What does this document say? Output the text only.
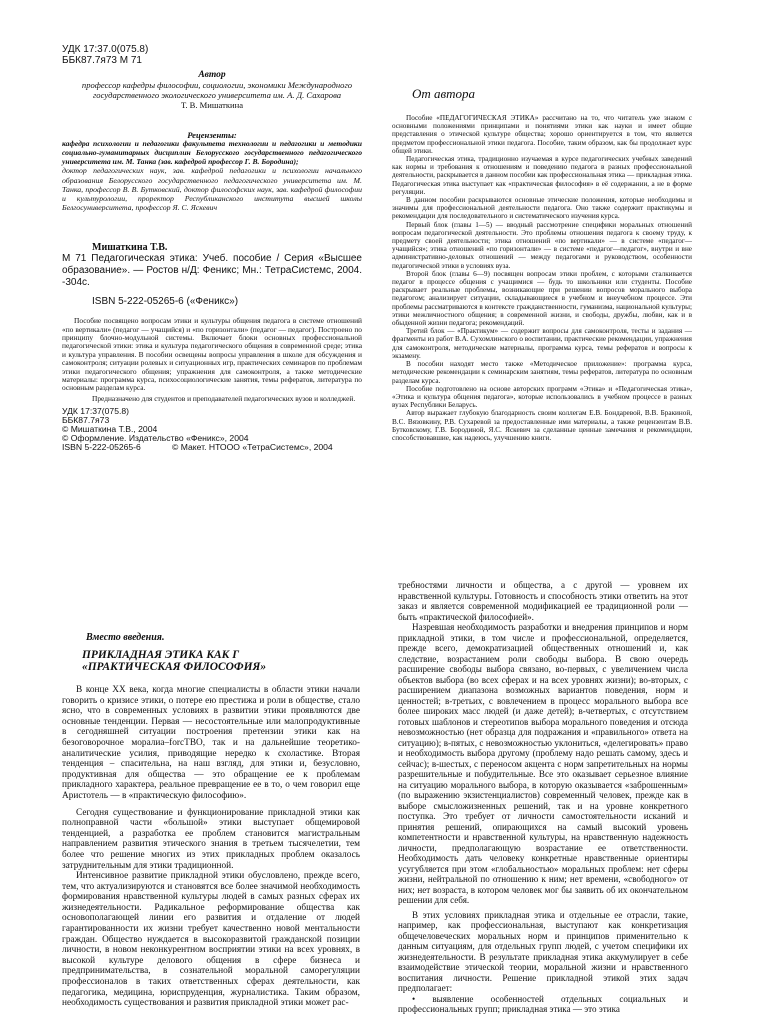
УДК 17:37.0(075.8)
ББК87.7я73 М 71
Автор
профессор кафедры философии, социологии, экономики Международного государственного экологического университета им. А. Д. Сахарова
Т. В. Мишаткина
Рецензенты:
кафедра психологии и педагогики факультета технологии и педагогики и методики социально-гуманитарных дисциплин Белорусского государственного педагогического университета им. М. Танка (зав. кафедрой профессор Г. В. Бородина);
доктор педагогических наук, зав. кафедрой педагогики и психологии начального образования Белорусского государственного педагогического университета им. М. Танка, профессор В. В. Бутковский, доктор философских наук, зав. кафедрой философии и культурологии, проректор Республиканского института высшей школы Белгосуниверситета, профессор Я. С. Яскевич
Мишаткина Т.В.
М 71 Педагогическая этика: Учеб. пособие / Серия «Высшее образование». — Ростов н/Д: Феникс; Мн.: ТетраСистемс, 2004. -304с.
ISBN 5-222-05265-6 («Феникс»)
Пособие посвящено вопросам этики и культуры общения педагога в системе отношений «по вертикали» (педагог — учащийся) и «по горизонтали» (педагог — педагог). Построено по принципу блочно-модульной системы. Включает блоки основных профессиональной педагогической этики: этика и культура педагогического общения в современной среде; этика и культура управления. В пособии освещены вопросы управления в школе для обсуждения и самоконтроля; ситуации ролевых и ситуационных игр, практических семинаров по проблемам этики педагогического общения; упражнения для самоконтроля, а также методические материалы: программа курса, психосоциологические занятия, темы рефератов, литература по основным разделам курса.
Предназначено для студентов и преподавателей педагогических вузов и колледжей.
УДК 17:37(075.8)
ББК87.7я73
© Мишаткина Т.В., 2004
© Оформление. Издательство «Феникс», 2004
ISBN 5-222-05265-6	© Макет. НТООО «ТетраСистемс», 2004
От автора

Пособие «ПЕДАГОГИЧЕСКАЯ ЭТИКА» рассчитано на то, что читатель уже знаком с основными положениями принципами и понятиями этики как науки и имеет общие представления о этической культуре общества; хорошо ориентируется в том, что является предметом профессиональной этики педагога. Пособие, таким образом, как бы продолжает курс общей этики.

Педагогическая этика, традиционно изучаемая в курсе педагогических учебных заведений как нормы и требования к отношениям и поведению педагога в разных профессиональной деятельности, раскрывается в данном пособии как профессиональная этика — прикладная этика. Педагогическая этика выступает как «практическая философия» в её содержании, а не в форме регуляции.

В данном пособии раскрываются основные этические положения, которые необходимы и значимы для профессиональной деятельности педагога. Оно также содержит практикумы и рекомендации для последовательного и систематического изучения курса.

Первый блок (главы 1—5) — вводный рассмотрение специфики моральных отношений вопросам педагогической деятельности. Это проблемы отношения педагога к своему труду, к предмету своей деятельности; этика отношений «по вертикали» — в системе «педагог—учащийся»; этика отношений «по горизонтали» — в системе «педагог—педагог», внутри и вне административно-деловых отношений — между педагогами и руководством, особенности педагогической этики в условиях вуза.

Второй блок (главы 6—9) посвящен вопросам этики проблем, с которыми сталкивается педагог в процессе общения с учащимися — будь то школьники или студенты. Пособие раскрывает реальные проблемы, возникающие при решении вопросов морального выбора педагогом; анализирует ситуации, складывающиеся в учебном и внеучебном процессе. Эти проблемы рассматриваются в контексте гражданственности, гуманизма, национальной культуры; этики межличностного общения; в современной жизни, и свободы, дружбы, любви, как и в обыденной жизни педагога; рекомендаций.

Третий блок — «Практикум» — содержит вопросы для самоконтроля, тесты и задания — фрагменты из работ В.А. Сухомлинского о воспитании, практические рекомендации, упражнения для самоконтроля, методические материалы, программа курса, темы рефератов и вопросы к экзамену.

В пособии находят место также «Методическое приложение»: программа курса, методические рекомендации к семинарским занятиям, темы рефератов, литература по основным разделам курса.

Пособие подготовлено на основе авторских программ «Этика» и «Педагогическая этика», «Этика и культура общения педагога», которые использовались в учебном процессе в разных вузах Республики Беларусь.

Автор выражает глубокую благодарность своим коллегам Е.В. Бондаревой, В.В. Бракиной, В.С. Вязовкину, Р.В. Сухаревой за предоставленные ими материалы, а также рецензентам В.В. Бутковскому, Г.В. Бородиной, Я.С. Яскевич за сделанные ценные замечания и рекомендации, способствовавшие, как надеюсь, улучшению книги.

Вместо введения.
ПРИКЛАДНАЯ ЭТИКА КАК Г
«ПРАКТИЧЕСКАЯ ФИЛОСОФИЯ»

В конце XX века, когда многие специалисты в области этики начали говорить о кризисе этики, о потере ею престижа и роли в обществе, стало ясно, что в современных условиях в развитии этики проявляются две основные тенденции. Первая — несостоятельные или малопродуктивные в сегодняшней ситуации построения претензии этики как на безоговорочное моралиа–forсТВО, так и на дальнейшие теоретико-аналитические усилия, приводящие нередко к схоластике. Вторая тенденция – спасительна, на наш взгляд, для этики и, безусловно, продуктивная для общества — это обращение ее к проблемам прикладного характера, реальное превращение ее в то, о чем говорил еще Аристотель — в «практическую философию».

Сегодня существование и функционирование прикладной этики как полноправной части «большой» этики выступает общемировой тенденцией, а разработка ее проблем становится магистральным направлением развития этического знания в третьем тысячелетии, тем более что решение многих из этих прикладных проблем оказалось затруднительным для этики традиционной.

Интенсивное развитие прикладной этики обусловлено, прежде всего, тем, что актуализируются и становятся все более значимой необходимость формирования нравственной культуры людей в самых разных сферах их жизнедеятельности. Радикальное реформирование общества как основополагающей линии его развития и отдаление от людей гарантированности их жизни требует качественно новой ментальности граждан. Общество нуждается в высокоразвитой гражданской позиции личности, в новом неконкурентном восприятии этики на всех уровнях, в высокой культуре делового общения в сфере бизнеса и предпринимательства, в сознательной моральной саморегуляции профессионалов в таких ответственных сферах деятельности, как педагогика, медицина, юриспруденция, журналистика. Таким образом, необходимость существования и развития прикладной этики может рас-

требностями личности и общества, а с другой — уровнем их нравственной культуры. Готовность и способность этики ответить на этот заказ и является современной модификацией ее традиционной роли — быть «практической философией».

Назревшая необходимость разработки и внедрения принципов и норм прикладной этики, в том числе и профессиональной, определяется, прежде всего, демократизацией общественных отношений и, как следствие, возрастанием роли свободы выбора. В свою очередь расширение свободы выбора связано, во-первых, с увеличением числа объектов выбора (во всех сферах и на всех уровнях жизни); во-вторых, с расширением диапазона возможных вариантов поведения, норм и ценностей; в-третьих, с вовлечением в процесс морального выбора все более широких масс людей (и даже детей); в-четвертых, с отсутствием готовых шаблонов и стереотипов выбора морального поведения и отсюда невозможностью (нет образца для подражания и «правильного» ответа на ситуацию); в-пятых, с невозможностью уклониться, «делегировать» право и необходимость выбора другому (проблему надо решать самому, здесь и сейчас); в-шестых, с переносом акцента с норм запретительных на нормы разрешительные и побудительные. Все это оказывает серьезное влияние на ситуацию морального выбора, в которую оказывается «заброшенным» (по выражению экзистенциалистов) современный человек, прежде как в выборе смысложизненных решений, так и на уровне конкретного поступка. Это требует от личности самостоятельности исканий и принятия решений, опирающихся на самый высокий уровень компетентности и нравственной культуры, на нравственную надежность личности, предполагающую возрастание ее ответственности. Необходимость дать человеку конкретные нравственные ориентиры усугубляется при этом «глобальностью» моральных проблем: нет сферы жизни, нейтральной по отношению к ним; нет времени, «свободного» от них; нет возраста, в котором человек мог бы заявить об их окончательном решении для себя.

В этих условиях прикладная этика и отдельные ее отрасли, такие, например, как профессиональная, выступают как конкретизация общечеловеческих моральных норм и принципов применительно к данным ситуациям, для отдельных групп людей, с учетом специфики их жизнедеятельности. В результате прикладная этика аккумулирует в себе взаимодействие этической теории, моральной жизни и нравственного воспитания личности. Решение прикладной этикой этих задач предполагает:

• выявление особенностей отдельных социальных и профессиональных групп; прикладная этика — это этика
